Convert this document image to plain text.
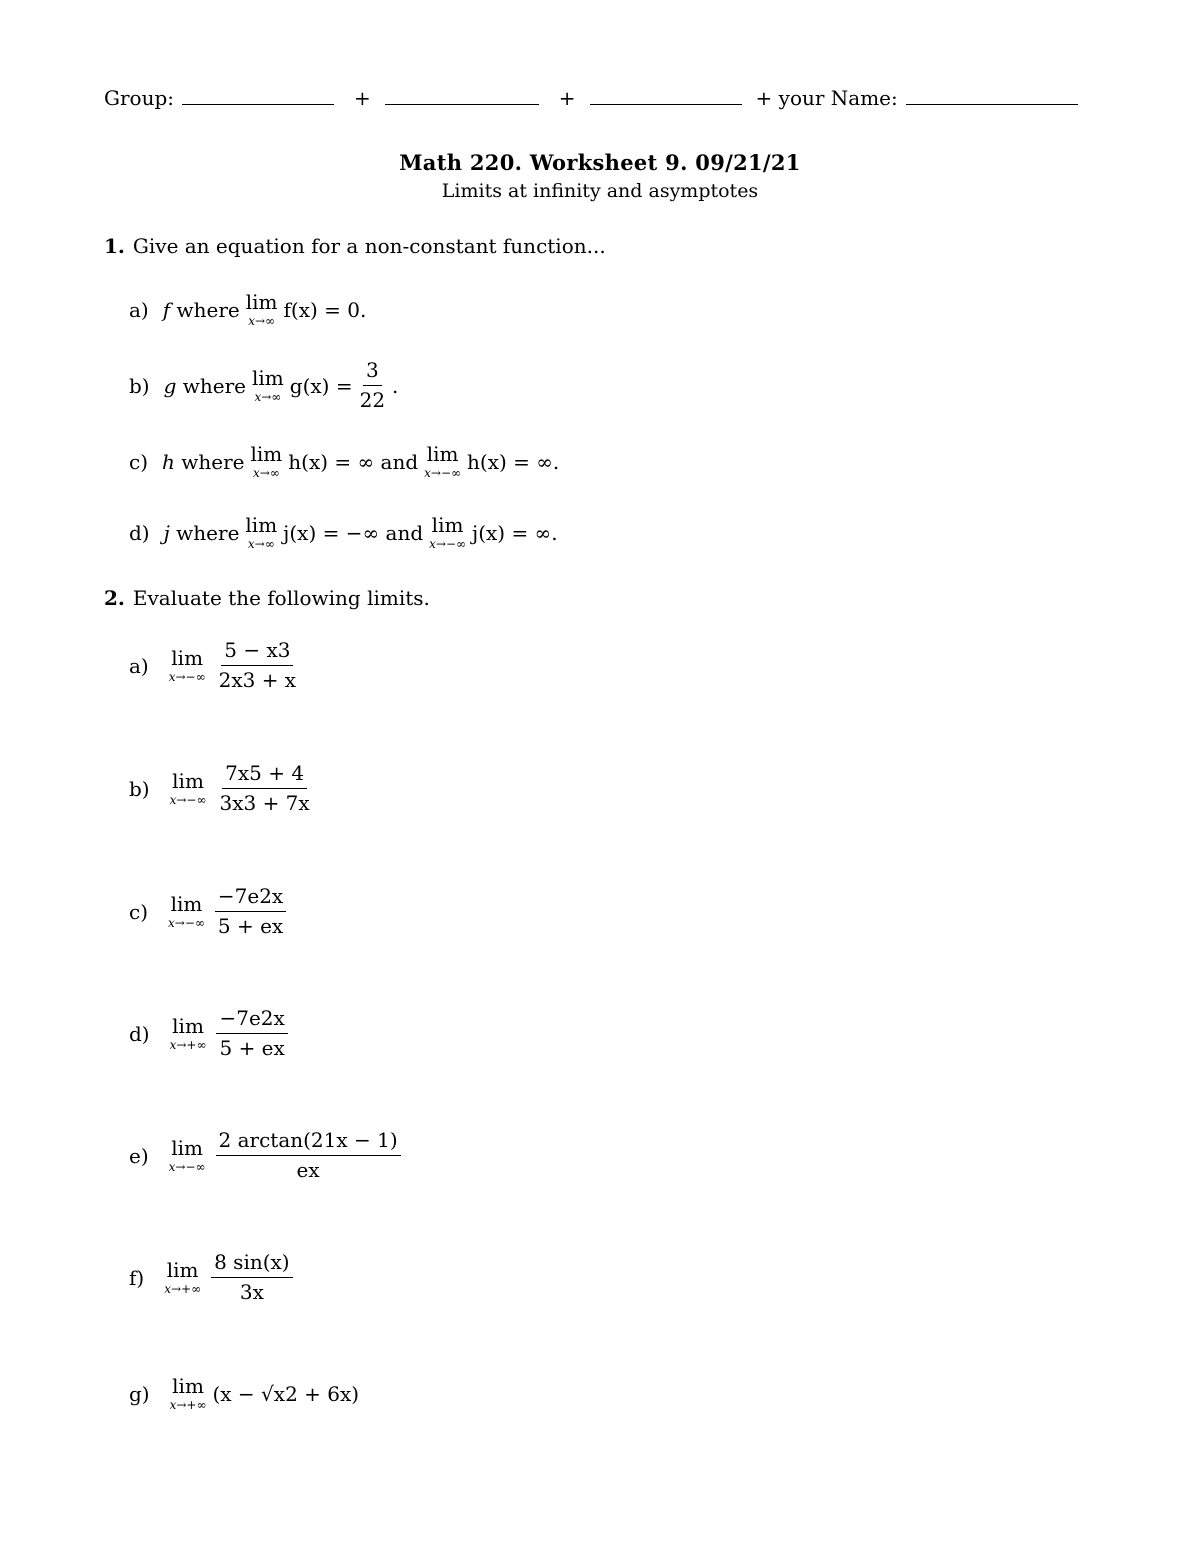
Group:	+	+	+ your Name:
Math 220. Worksheet 9. 09/21/21
Limits at infinity and asymptotes
1. Give an equation for a non-constant function...
a) f
where lim
x→∞ f(x) = 0.
b) g
where lim
x→∞ $g(x) = \frac{3}{22}$ .
c) h
where lim
x→∞ h(x) = ∞
and lim
x→−∞ h(x) = ∞.
d) j
where lim
x→∞ j(x) = −∞
and lim
x→−∞ j(x) = ∞.
2. Evaluate the following limits.
a) lim
$x\to-\infty \frac{5 - x3}{2x3 + x}$
b) lim
$x\to-\infty \frac{7x5 + 4}{3x3 + 7x}$
c) lim
$x\to-\infty \frac{-7e2x}{5 + ex}$
d) lim
$x\to+\infty \frac{-7e2x}{5 + ex}$
e) lim
$x\to-\infty \frac{2 \arctan(21x - 1)}{ex}$
f) lim
$x\to+\infty \frac{8 \sin(x)}{3x}$
g) lim
x→+∞ (x − √x2 + 6x)
